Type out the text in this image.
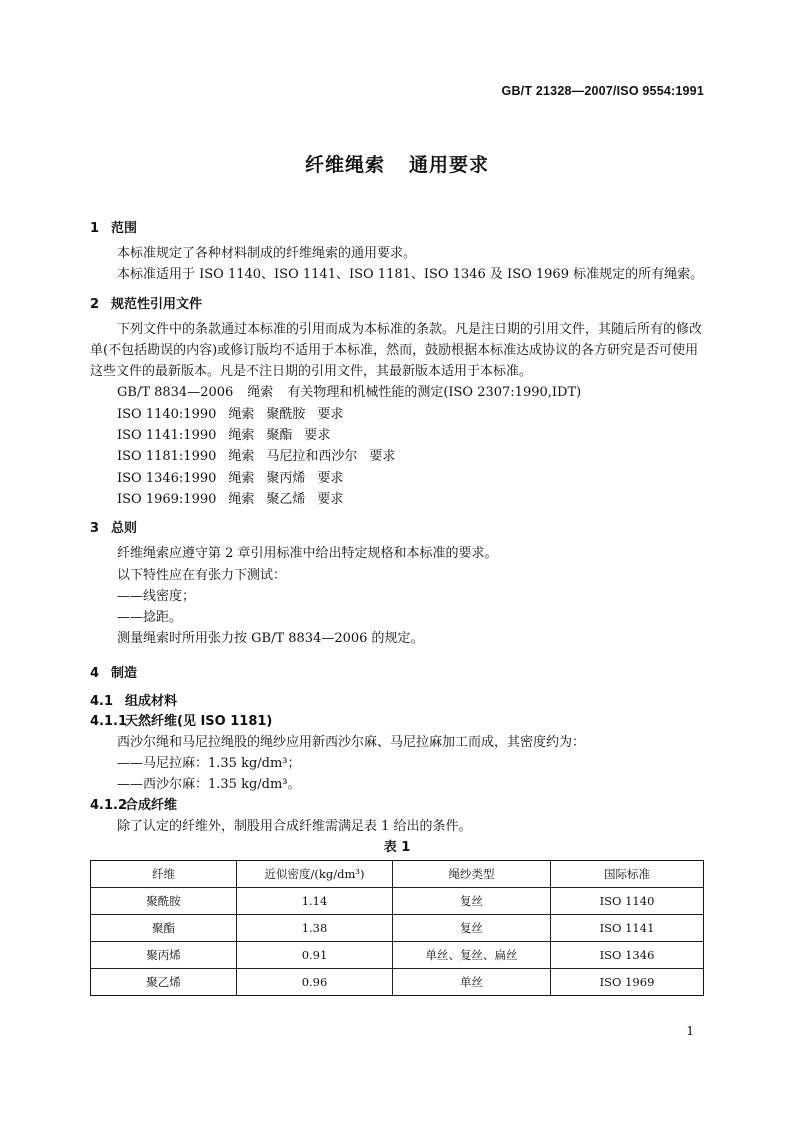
GB/T 21328—2007/ISO 9554:1991
纤维绳索 通用要求
1 范围

本标准规定了各种材料制成的纤维绳索的通用要求。

本标准适用于 ISO 1140、ISO 1141、ISO 1181、ISO 1346 及 ISO 1969 标准规定的所有绳索。

2 规范性引用文件

下列文件中的条款通过本标准的引用而成为本标准的条款。凡是注日期的引用文件，其随后所有的修改单(不包括勘误的内容)或修订版均不适用于本标准，然而，鼓励根据本标准达成协议的各方研究是否可使用这些文件的最新版本。凡是不注日期的引用文件，其最新版本适用于本标准。

GB/T 8834—2006 绳索 有关物理和机械性能的测定(ISO 2307:1990,IDT)

ISO 1140:1990 绳索 聚酰胺 要求

ISO 1141:1990 绳索 聚酯 要求

ISO 1181:1990 绳索 马尼拉和西沙尔 要求

ISO 1346:1990 绳索 聚丙烯 要求

ISO 1969:1990 绳索 聚乙烯 要求

3 总则

纤维绳索应遵守第 2 章引用标准中给出特定规格和本标准的要求。

以下特性应在有张力下测试：

——线密度；

——捻距。

测量绳索时所用张力按 GB/T 8834—2006 的规定。

4 制造
4.1 组成材料
4.1.1天然纤维(见 ISO 1181)

西沙尔绳和马尼拉绳股的绳纱应用新西沙尔麻、马尼拉麻加工而成，其密度约为：

——马尼拉麻：1.35 kg/dm³；

——西沙尔麻：1.35 kg/dm³。

4.1.2合成纤维

除了认定的纤维外，制股用合成纤维需满足表 1 给出的条件。

表 1
纤维	近似密度/(kg/dm³)	绳纱类型	国际标准
聚酰胺	1.14	复丝	ISO 1140
聚酯	1.38	复丝	ISO 1141
聚丙烯	0.91	单丝、复丝、扁丝	ISO 1346
聚乙烯	0.96	单丝	ISO 1969
1
